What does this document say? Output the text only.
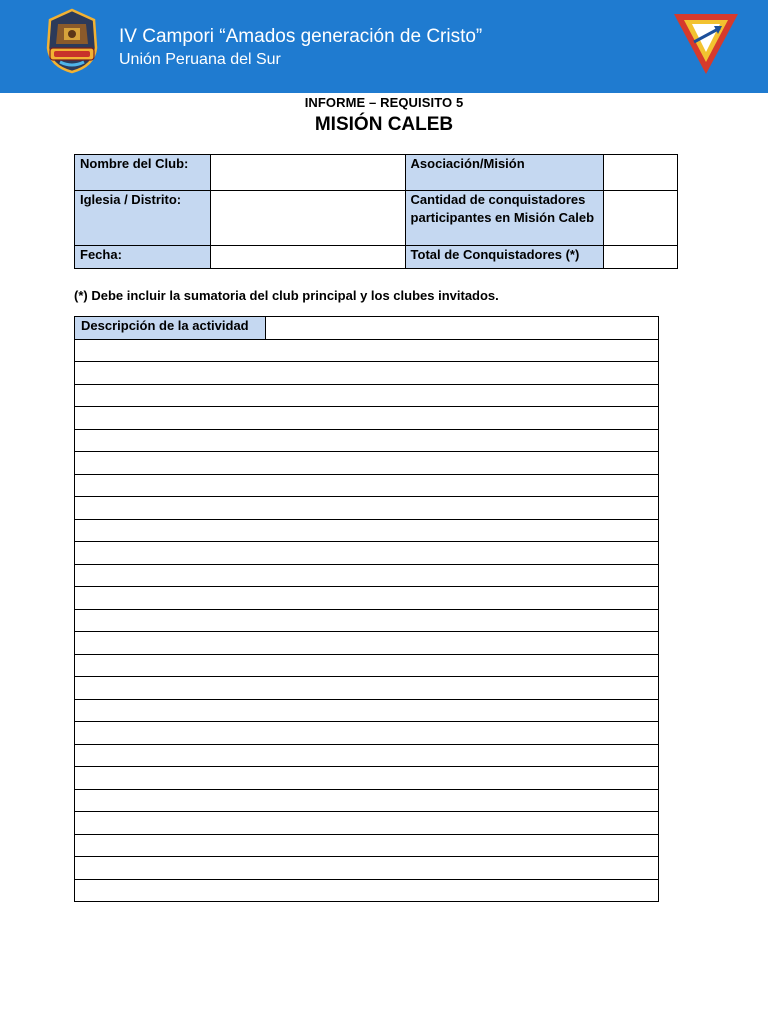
IV Campori “Amados generación de Cristo”
Unión Peruana del Sur
INFORME – REQUISITO 5
MISIÓN CALEB
Nombre del Club:		Asociación/Misión	
Iglesia / Distrito:		Cantidad de conquistadores participantes en Misión Caleb	
Fecha:		Total de Conquistadores (*)	
(*) Debe incluir la sumatoria del club principal y los clubes invitados.
Descripción de la actividad	
